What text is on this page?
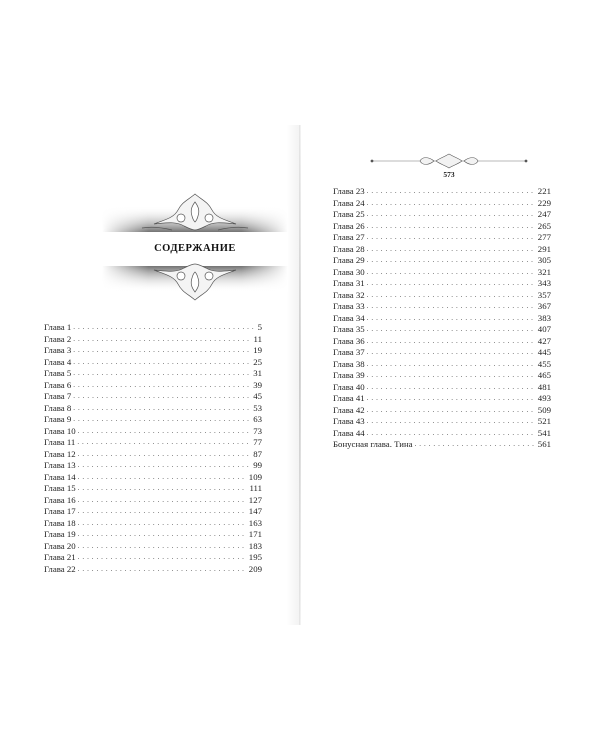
СОДЕРЖАНИЕ
Глава 1 . . .	5
Глава 2 . . .	11
Глава 3 . . .	19
Глава 4 . . .	25
Глава 5 . . .	31
Глава 6 . . .	39
Глава 7 . . .	45
Глава 8 . . .	53
Глава 9 . . .	63
Глава 10 . . .	73
Глава 11 . . .	77
Глава 12 . . .	87
Глава 13 . . .	99
Глава 14 . . .	109
Глава 15 . . .	111
Глава 16 . . .	127
Глава 17 . . .	147
Глава 18 . . .	163
Глава 19 . . .	171
Глава 20 . . .	183
Глава 21 . . .	195
Глава 22 . . .	209
573
Глава 23 . . .	221
Глава 24 . . .	229
Глава 25 . . .	247
Глава 26 . . .	265
Глава 27 . . .	277
Глава 28 . . .	291
Глава 29 . . .	305
Глава 30 . . .	321
Глава 31 . . .	343
Глава 32 . . .	357
Глава 33 . . .	367
Глава 34 . . .	383
Глава 35 . . .	407
Глава 36 . . .	427
Глава 37 . . .	445
Глава 38 . . .	455
Глава 39 . . .	465
Глава 40 . . .	481
Глава 41 . . .	493
Глава 42 . . .	509
Глава 43 . . .	521
Глава 44 . . .	541
Бонусная глава. Тина . . .	561
